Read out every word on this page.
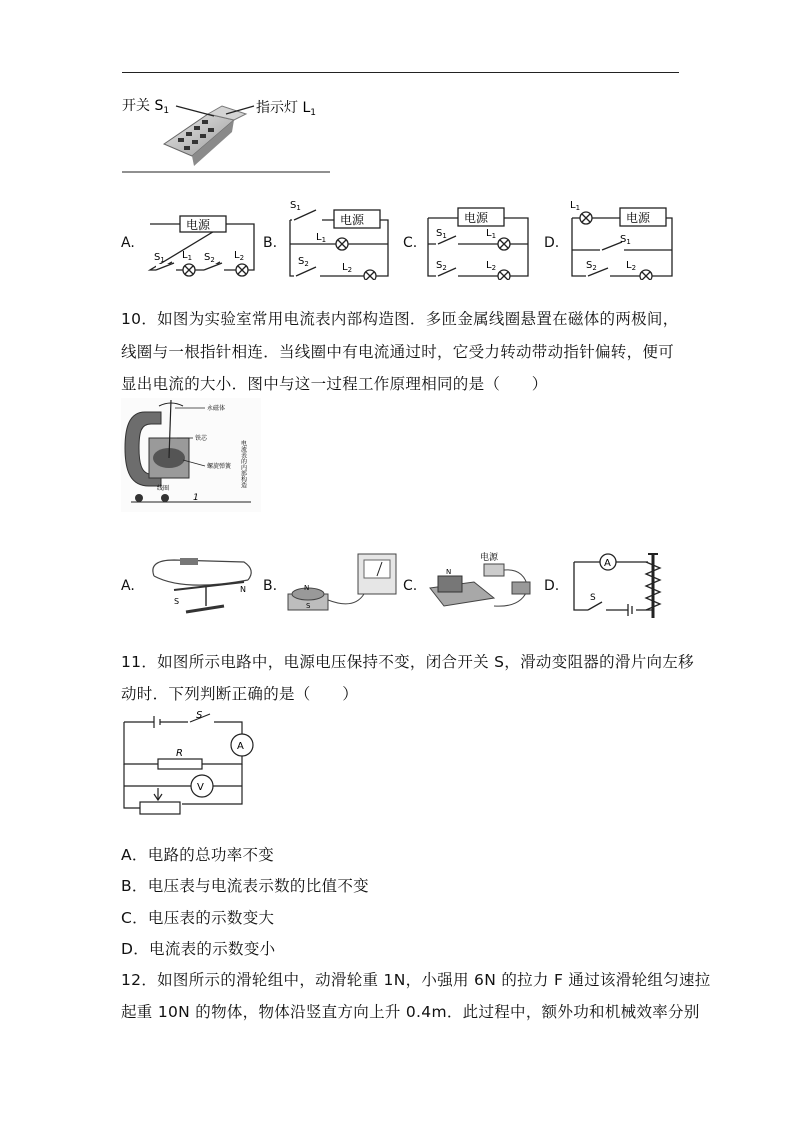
开关 $S_1$	指示灯 $L_1$
A.	B.	C.	D.
电源
$S_1$ $L_1$ $S_2$ $L_2$
电源
$S_1$
$L_1$
$S_2$	$L_2$
电源
$S_1$	$L_1$
$S_2$	$L_2$
电源
$L_1$
$S_1$
$S_2$	$L_2$
10．如图为实验室常用电流表内部构造图．多匝金属线圈悬置在磁体的两极间，
线圈与一根指针相连．当线圈中有电流通过时，它受力转动带动指针偏转，便可
显出电流的大小．图中与这一过程工作原理相同的是（　　）
永磁体
铁芯
螺旋弹簧
线圈
1
电流表的内部构造
A.	B.	C.	D.
S
N	N
S
电源
N
A
S
11．如图所示电路中，电源电压保持不变，闭合开关 S，滑动变阻器的滑片向左移
动时．下列判断正确的是（　　）
S
A
R
V
A．电路的总功率不变
B．电压表与电流表示数的比值不变
C．电压表的示数变大
D．电流表的示数变小
12．如图所示的滑轮组中，动滑轮重 1N，小强用 6N 的拉力 F 通过该滑轮组匀速拉
起重 10N 的物体，物体沿竖直方向上升 0.4m．此过程中，额外功和机械效率分别
